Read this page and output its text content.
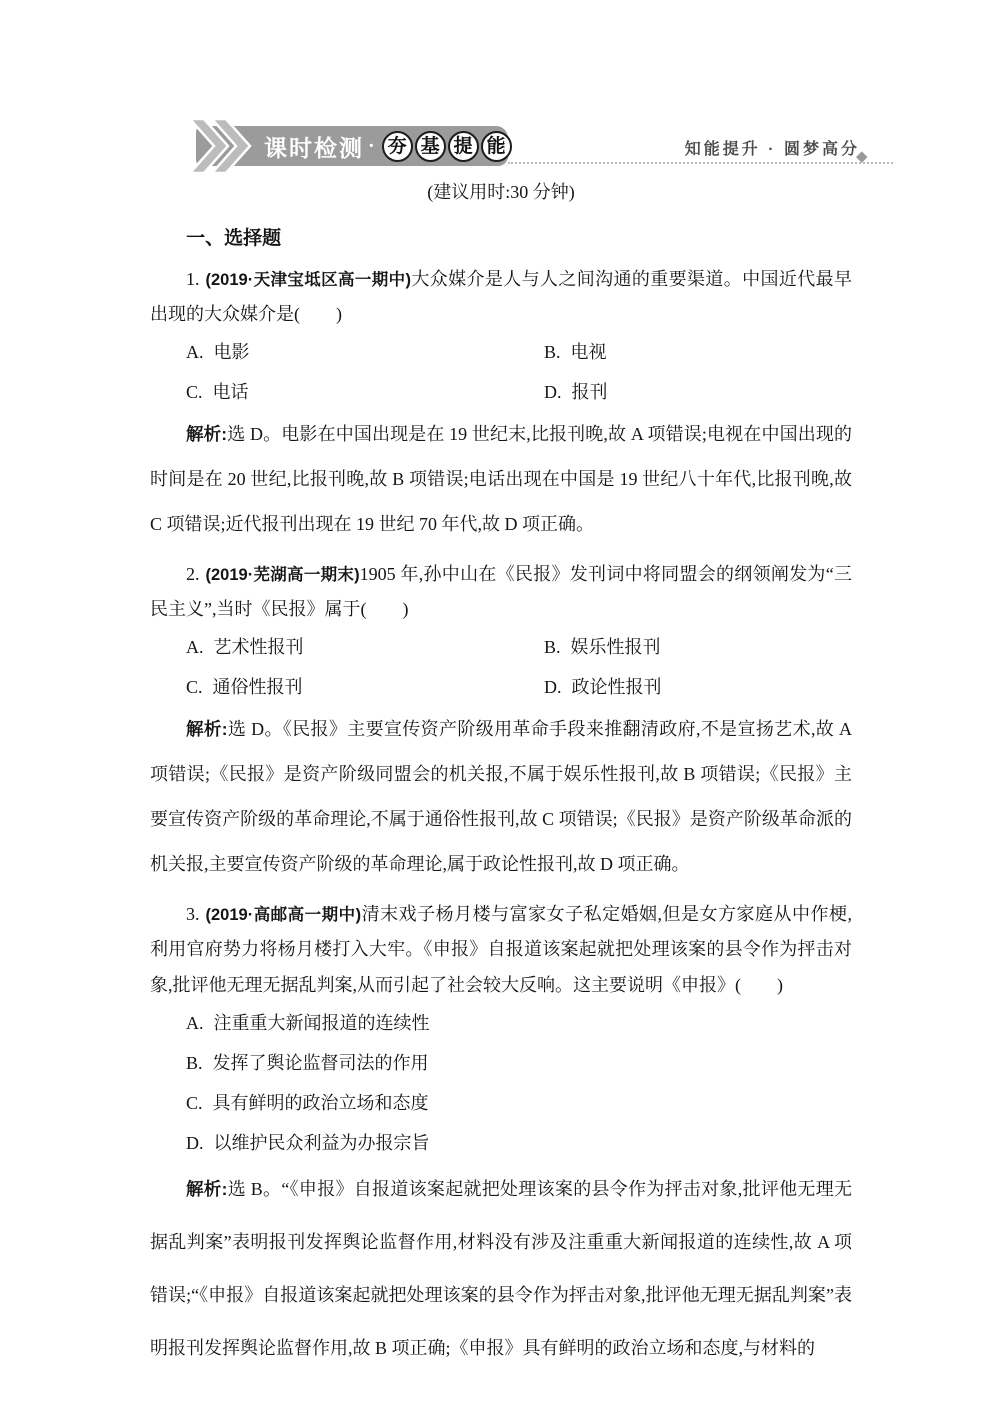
课时检测 · 夯 基 提 能	知能提升 · 圆梦高分
◆

(建议用时:30 分钟)

一、选择题

1. (2019·天津宝坻区高一期中)大众媒介是人与人之间沟通的重要渠道。中国近代最早出现的大众媒介是(　　)

A. 电影	B. 电视
C. 电话	D. 报刊

解析:选 D。电影在中国出现是在 19 世纪末,比报刊晚,故 A 项错误;电视在中国出现的时间是在 20 世纪,比报刊晚,故 B 项错误;电话出现在中国是 19 世纪八十年代,比报刊晚,故 C 项错误;近代报刊出现在 19 世纪 70 年代,故 D 项正确。

2. (2019·芜湖高一期末)1905 年,孙中山在《民报》发刊词中将同盟会的纲领阐发为“三民主义”,当时《民报》属于(　　)

A. 艺术性报刊	B. 娱乐性报刊
C. 通俗性报刊	D. 政论性报刊

解析:选 D。《民报》主要宣传资产阶级用革命手段来推翻清政府,不是宣扬艺术,故 A 项错误;《民报》是资产阶级同盟会的机关报,不属于娱乐性报刊,故 B 项错误;《民报》主要宣传资产阶级的革命理论,不属于通俗性报刊,故 C 项错误;《民报》是资产阶级革命派的机关报,主要宣传资产阶级的革命理论,属于政论性报刊,故 D 项正确。

3. (2019·高邮高一期中)清末戏子杨月楼与富家女子私定婚姻,但是女方家庭从中作梗,利用官府势力将杨月楼打入大牢。《申报》自报道该案起就把处理该案的县令作为抨击对象,批评他无理无据乱判案,从而引起了社会较大反响。这主要说明《申报》(　　)

A. 注重重大新闻报道的连续性
B. 发挥了舆论监督司法的作用
C. 具有鲜明的政治立场和态度
D. 以维护民众利益为办报宗旨

解析:选 B。“《申报》自报道该案起就把处理该案的县令作为抨击对象,批评他无理无据乱判案”表明报刊发挥舆论监督作用,材料没有涉及注重重大新闻报道的连续性,故 A 项错误;“《申报》自报道该案起就把处理该案的县令作为抨击对象,批评他无理无据乱判案”表明报刊发挥舆论监督作用,故 B 项正确;《申报》具有鲜明的政治立场和态度,与材料的
